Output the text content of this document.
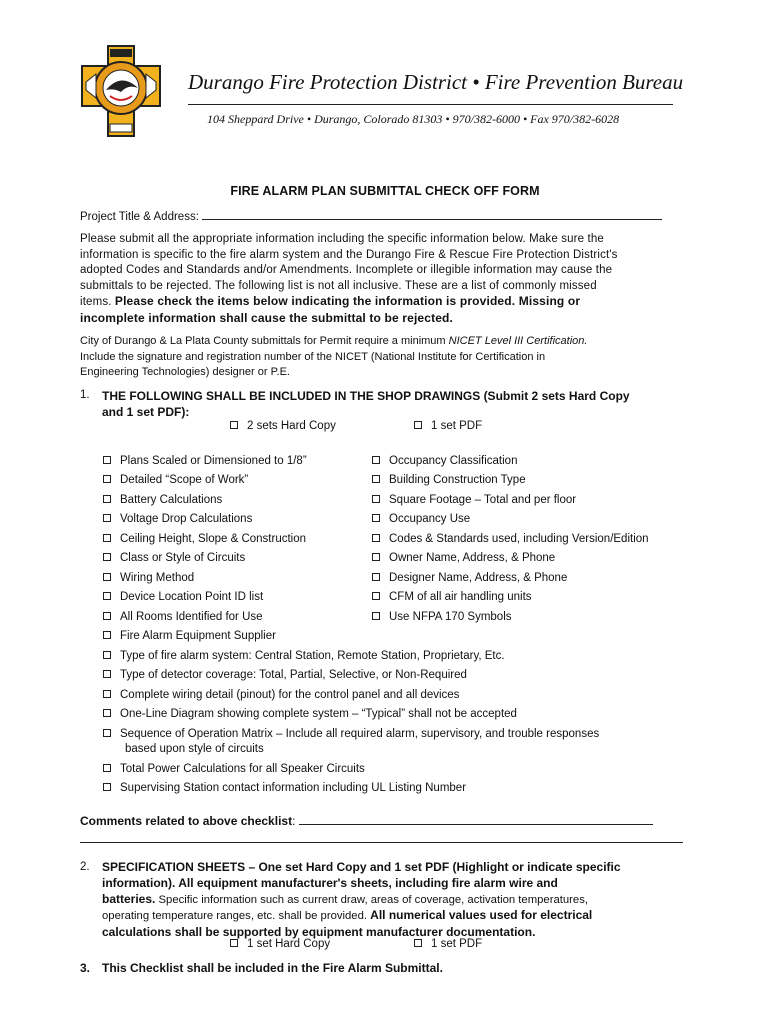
Durango Fire Protection District • Fire Prevention Bureau
104 Sheppard Drive • Durango, Colorado 81303 • 970/382-6000 • Fax 970/382-6028
FIRE ALARM PLAN SUBMITTAL CHECK OFF FORM
Project Title & Address:
Please submit all the appropriate information including the specific information below. Make sure the
information is specific to the fire alarm system and the Durango Fire & Rescue Fire Protection District's
adopted Codes and Standards and/or Amendments. Incomplete or illegible information may cause the
submittals to be rejected. The following list is not all inclusive. These are a list of commonly missed
items. Please check the items below indicating the information is provided. Missing or
incomplete information shall cause the submittal to be rejected.
City of Durango & La Plata County submittals for Permit require a minimum NICET Level III Certification.
Include the signature and registration number of the NICET (National Institute for Certification in
Engineering Technologies) designer or P.E.
1. THE FOLLOWING SHALL BE INCLUDED IN THE SHOP DRAWINGS (Submit 2 sets Hard Copy
and 1 set PDF):
2 sets Hard Copy	1 set PDF
Plans Scaled or Dimensioned to 1/8”
Detailed “Scope of Work”
Battery Calculations
Voltage Drop Calculations
Ceiling Height, Slope & Construction
Class or Style of Circuits
Wiring Method
Device Location Point ID list
All Rooms Identified for Use
Fire Alarm Equipment Supplier
Type of fire alarm system: Central Station, Remote Station, Proprietary, Etc.
Type of detector coverage: Total, Partial, Selective, or Non-Required
Complete wiring detail (pinout) for the control panel and all devices
One-Line Diagram showing complete system – “Typical” shall not be accepted
Sequence of Operation Matrix – Include all required alarm, supervisory, and trouble responses
Total Power Calculations for all Speaker Circuits
Supervising Station contact information including UL Listing Number
Occupancy Classification
Building Construction Type
Square Footage – Total and per floor
Occupancy Use
Codes & Standards used, including Version/Edition
Owner Name, Address, & Phone
Designer Name, Address, & Phone
CFM of all air handling units
Use NFPA 170 Symbols
based upon style of circuits
Comments related to above checklist:
2. SPECIFICATION SHEETS – One set Hard Copy and 1 set PDF (Highlight or indicate specific
information). All equipment manufacturer's sheets, including fire alarm wire and
batteries. Specific information such as current draw, areas of coverage, activation temperatures,
operating temperature ranges, etc. shall be provided. All numerical values used for electrical
calculations shall be supported by equipment manufacturer documentation.
1 set Hard Copy	1 set PDF
3. This Checklist shall be included in the Fire Alarm Submittal.
